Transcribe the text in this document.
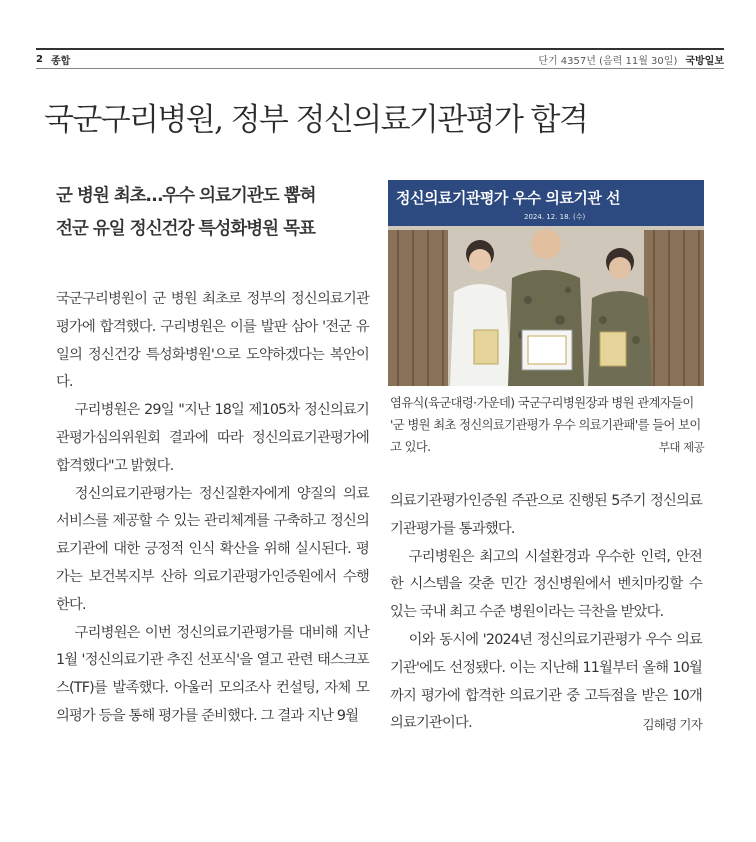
2 종합	단기 4357년 (음력 11월 30일) 국방일보
국군구리병원, 정부 정신의료기관평가 합격
군 병원 최초…우수 의료기관도 뽑혀
전군 유일 정신건강 특성화병원 목표
정신의료기관평가 우수 의료기관 선
2024. 12. 18. (수)
염유식(육군대령·가운데) 국군구리병원장과 병원 관계자들이 '군 병원 최초 정신의료기관평가 우수 의료기관패'를 들어 보이고 있다.	부대 제공

국군구리병원이 군 병원 최초로 정부의 정신의료기관평가에 합격했다. 구리병원은 이를 발판 삼아 '전군 유일의 정신건강 특성화병원'으로 도약하겠다는 복안이다.

구리병원은 29일 "지난 18일 제105차 정신의료기관평가심의위원회 결과에 따라 정신의료기관평가에 합격했다"고 밝혔다.

정신의료기관평가는 정신질환자에게 양질의 의료서비스를 제공할 수 있는 관리체계를 구축하고 정신의료기관에 대한 긍정적 인식 확산을 위해 실시된다. 평가는 보건복지부 산하 의료기관평가인증원에서 수행한다.

구리병원은 이번 정신의료기관평가를 대비해 지난 1월 '정신의료기관 추진 선포식'을 열고 관련 태스크포스(TF)를 발족했다. 아울러 모의조사 컨설팅, 자체 모의평가 등을 통해 평가를 준비했다. 그 결과 지난 9월

의료기관평가인증원 주관으로 진행된 5주기 정신의료기관평가를 통과했다.

구리병원은 최고의 시설환경과 우수한 인력, 안전한 시스템을 갖춘 민간 정신병원에서 벤치마킹할 수 있는 국내 최고 수준 병원이라는 극찬을 받았다.

이와 동시에 '2024년 정신의료기관평가 우수 의료기관'에도 선정됐다. 이는 지난해 11월부터 올해 10월까지 평가에 합격한 의료기관 중 고득점을 받은 10개 의료기관이다.	김해령 기자
